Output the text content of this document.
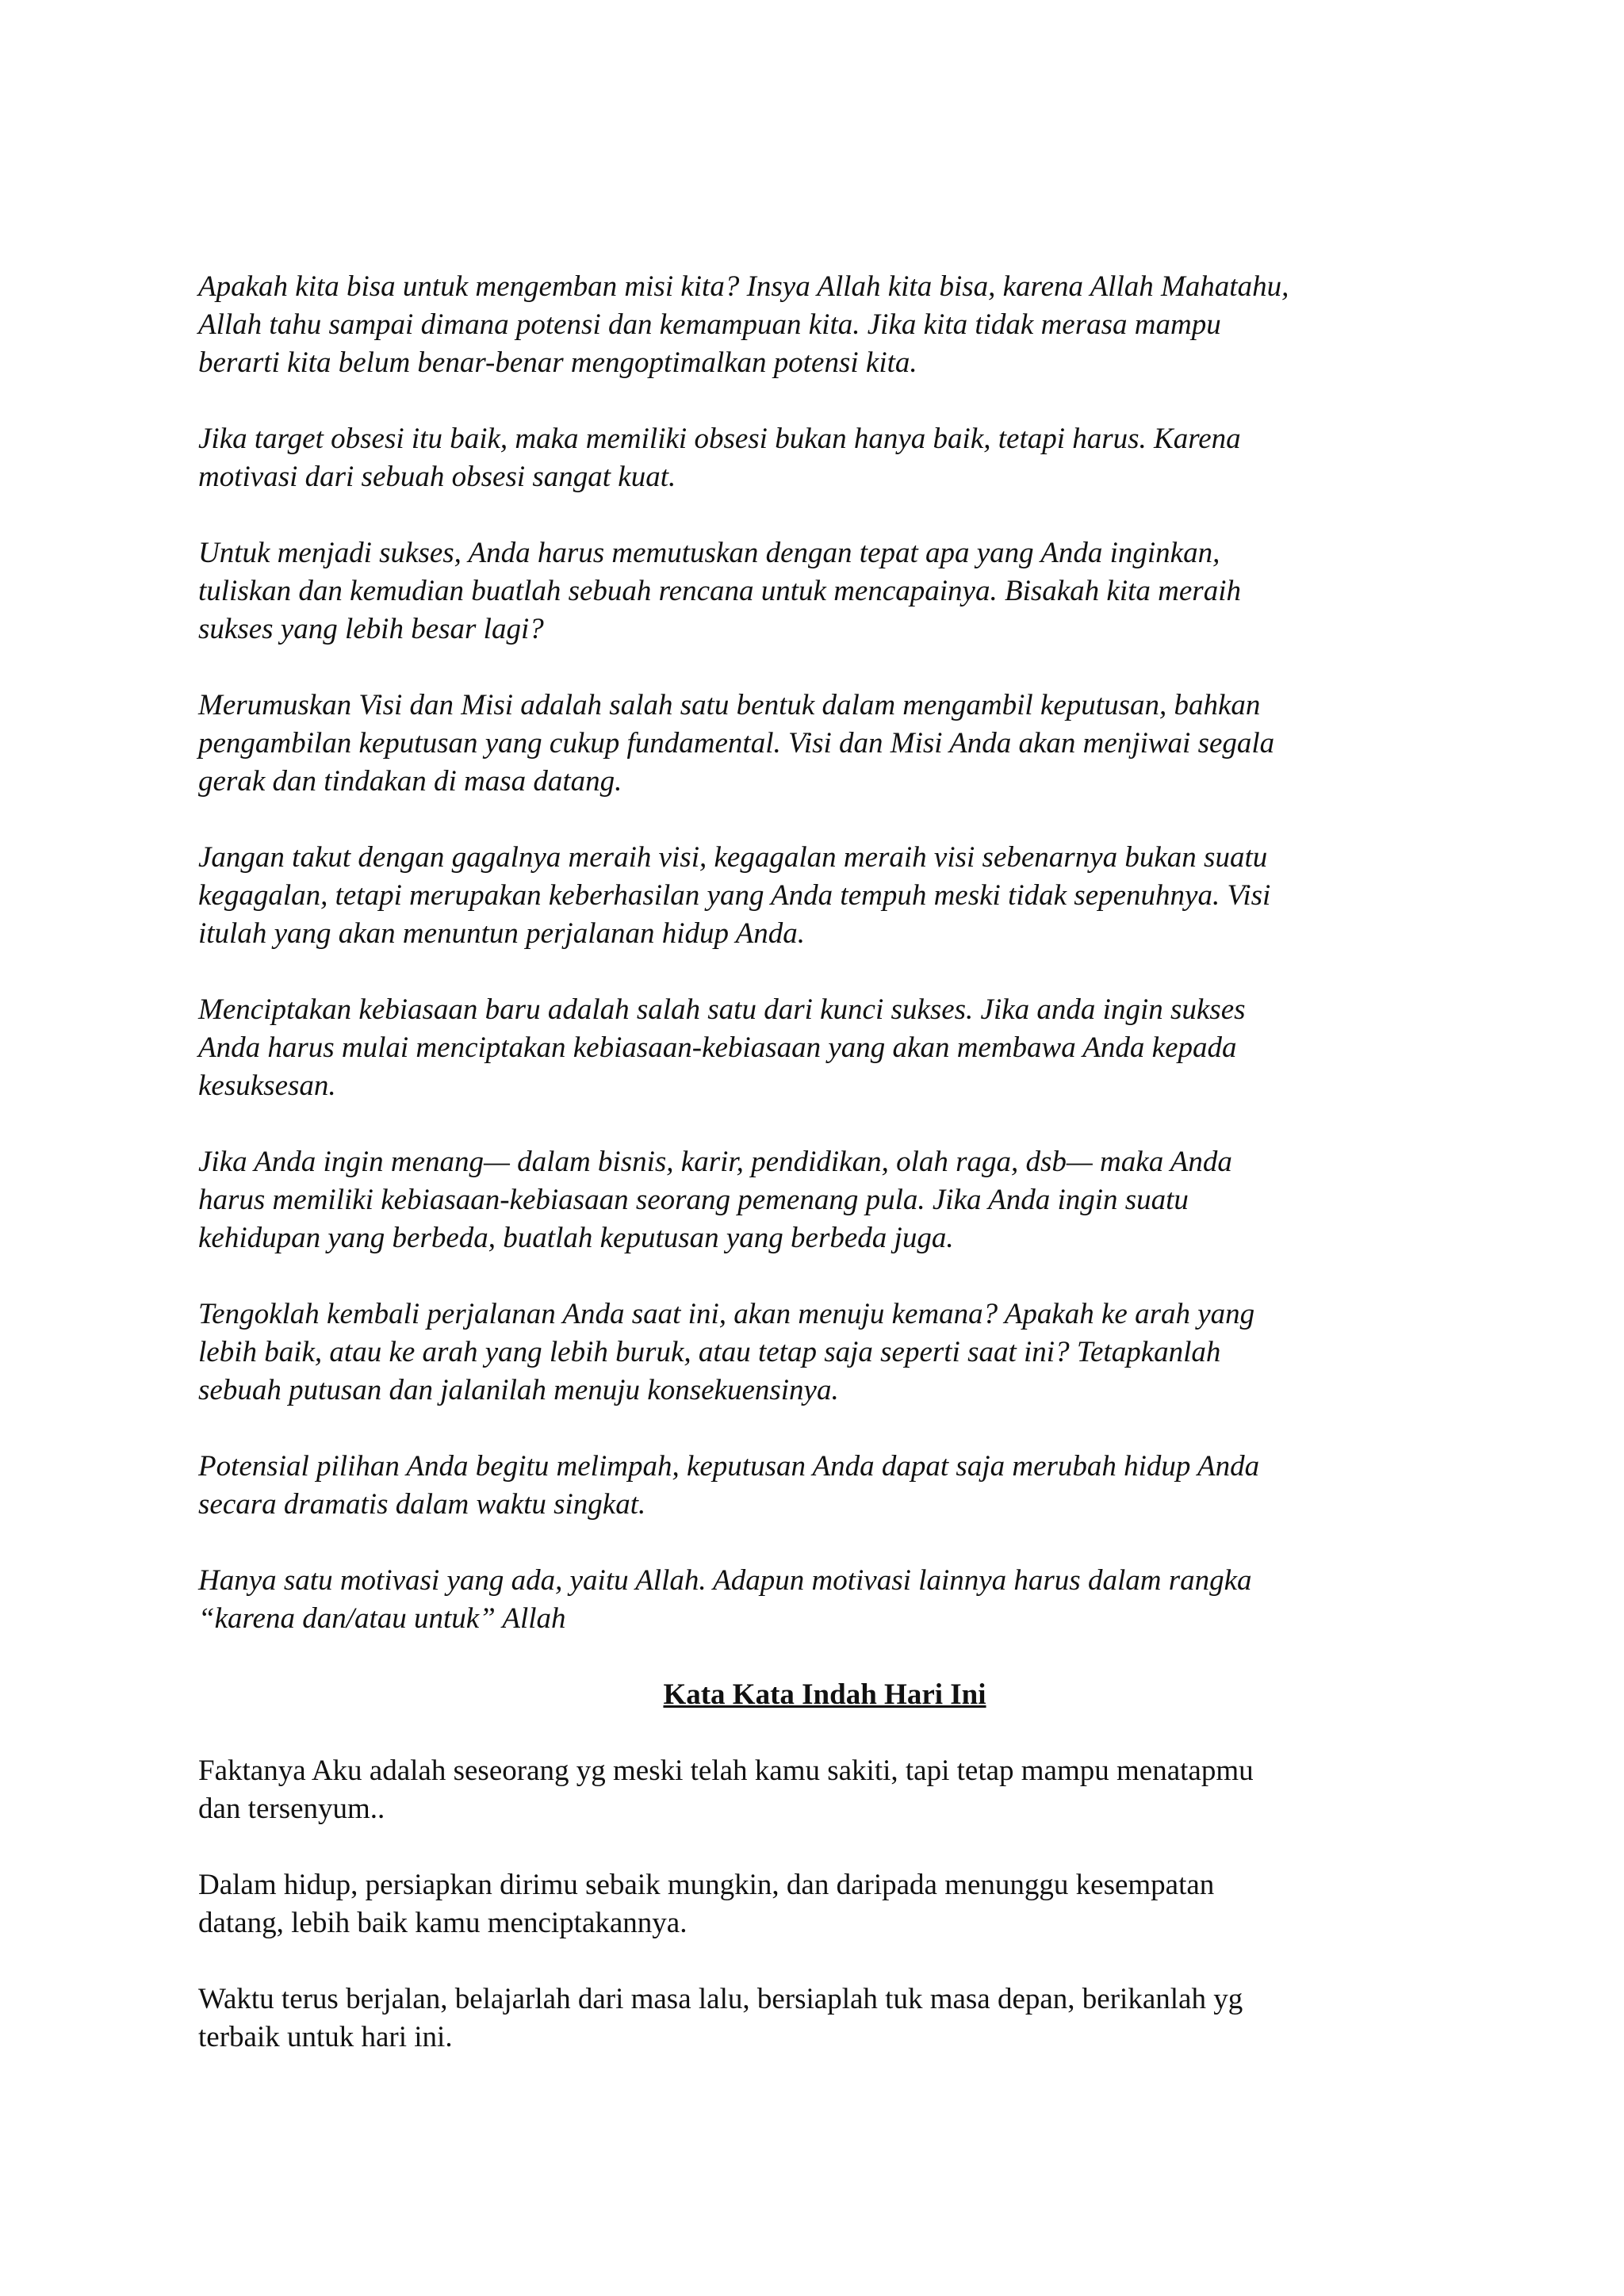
Apakah kita bisa untuk mengemban misi kita? Insya Allah kita bisa, karena Allah Mahatahu,
Allah tahu sampai dimana potensi dan kemampuan kita. Jika kita tidak merasa mampu
berarti kita belum benar-benar mengoptimalkan potensi kita.

Jika target obsesi itu baik, maka memiliki obsesi bukan hanya baik, tetapi harus. Karena
motivasi dari sebuah obsesi sangat kuat.

Untuk menjadi sukses, Anda harus memutuskan dengan tepat apa yang Anda inginkan,
tuliskan dan kemudian buatlah sebuah rencana untuk mencapainya. Bisakah kita meraih
sukses yang lebih besar lagi?

Merumuskan Visi dan Misi adalah salah satu bentuk dalam mengambil keputusan, bahkan
pengambilan keputusan yang cukup fundamental. Visi dan Misi Anda akan menjiwai segala
gerak dan tindakan di masa datang.

Jangan takut dengan gagalnya meraih visi, kegagalan meraih visi sebenarnya bukan suatu
kegagalan, tetapi merupakan keberhasilan yang Anda tempuh meski tidak sepenuhnya. Visi
itulah yang akan menuntun perjalanan hidup Anda.

Menciptakan kebiasaan baru adalah salah satu dari kunci sukses. Jika anda ingin sukses
Anda harus mulai menciptakan kebiasaan-kebiasaan yang akan membawa Anda kepada
kesuksesan.

Jika Anda ingin menang— dalam bisnis, karir, pendidikan, olah raga, dsb— maka Anda
harus memiliki kebiasaan-kebiasaan seorang pemenang pula. Jika Anda ingin suatu
kehidupan yang berbeda, buatlah keputusan yang berbeda juga.

Tengoklah kembali perjalanan Anda saat ini, akan menuju kemana? Apakah ke arah yang
lebih baik, atau ke arah yang lebih buruk, atau tetap saja seperti saat ini? Tetapkanlah
sebuah putusan dan jalanilah menuju konsekuensinya.

Potensial pilihan Anda begitu melimpah, keputusan Anda dapat saja merubah hidup Anda
secara dramatis dalam waktu singkat.

Hanya satu motivasi yang ada, yaitu Allah. Adapun motivasi lainnya harus dalam rangka
“karena dan/atau untuk” Allah

Kata Kata Indah Hari Ini

Faktanya Aku adalah seseorang yg meski telah kamu sakiti, tapi tetap mampu menatapmu
dan tersenyum..

Dalam hidup, persiapkan dirimu sebaik mungkin, dan daripada menunggu kesempatan
datang, lebih baik kamu menciptakannya.

Waktu terus berjalan, belajarlah dari masa lalu, bersiaplah tuk masa depan, berikanlah yg
terbaik untuk hari ini.
